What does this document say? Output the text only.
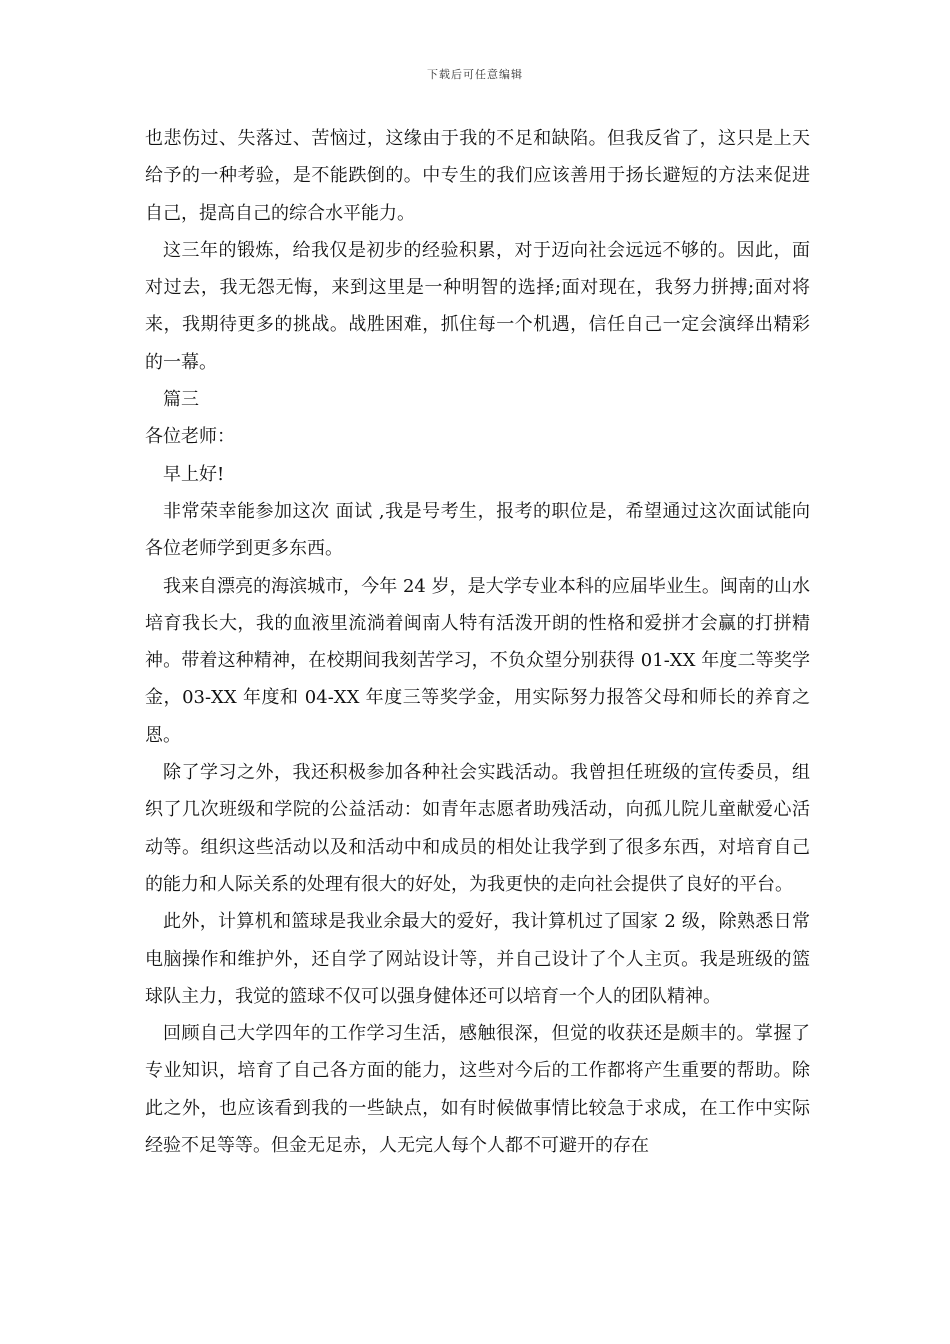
下载后可任意编辑

也悲伤过、失落过、苦恼过，这缘由于我的不足和缺陷。但我反省了，这只是上天给予的一种考验，是不能跌倒的。中专生的我们应该善用于扬长避短的方法来促进自己，提高自己的综合水平能力。

这三年的锻炼，给我仅是初步的经验积累，对于迈向社会远远不够的。因此，面对过去，我无怨无悔，来到这里是一种明智的选择;面对现在，我努力拼搏;面对将来，我期待更多的挑战。战胜困难，抓住每一个机遇，信任自己一定会演绎出精彩的一幕。

篇三

各位老师：

早上好!

非常荣幸能参加这次 面试 ,我是号考生，报考的职位是，希望通过这次面试能向各位老师学到更多东西。

我来自漂亮的海滨城市，今年 24 岁，是大学专业本科的应届毕业生。闽南的山水培育我长大，我的血液里流淌着闽南人特有活泼开朗的性格和爱拼才会赢的打拼精神。带着这种精神，在校期间我刻苦学习，不负众望分别获得 01-XX 年度二等奖学金，03-XX 年度和 04-XX 年度三等奖学金，用实际努力报答父母和师长的养育之恩。

除了学习之外，我还积极参加各种社会实践活动。我曾担任班级的宣传委员，组织了几次班级和学院的公益活动：如青年志愿者助残活动，向孤儿院儿童献爱心活动等。组织这些活动以及和活动中和成员的相处让我学到了很多东西，对培育自己的能力和人际关系的处理有很大的好处，为我更快的走向社会提供了良好的平台。

此外，计算机和篮球是我业余最大的爱好，我计算机过了国家 2 级，除熟悉日常电脑操作和维护外，还自学了网站设计等，并自己设计了个人主页。我是班级的篮球队主力，我觉的篮球不仅可以强身健体还可以培育一个人的团队精神。

回顾自己大学四年的工作学习生活，感触很深，但觉的收获还是颇丰的。掌握了专业知识，培育了自己各方面的能力，这些对今后的工作都将产生重要的帮助。除此之外，也应该看到我的一些缺点，如有时候做事情比较急于求成，在工作中实际经验不足等等。但金无足赤，人无完人每个人都不可避开的存在
